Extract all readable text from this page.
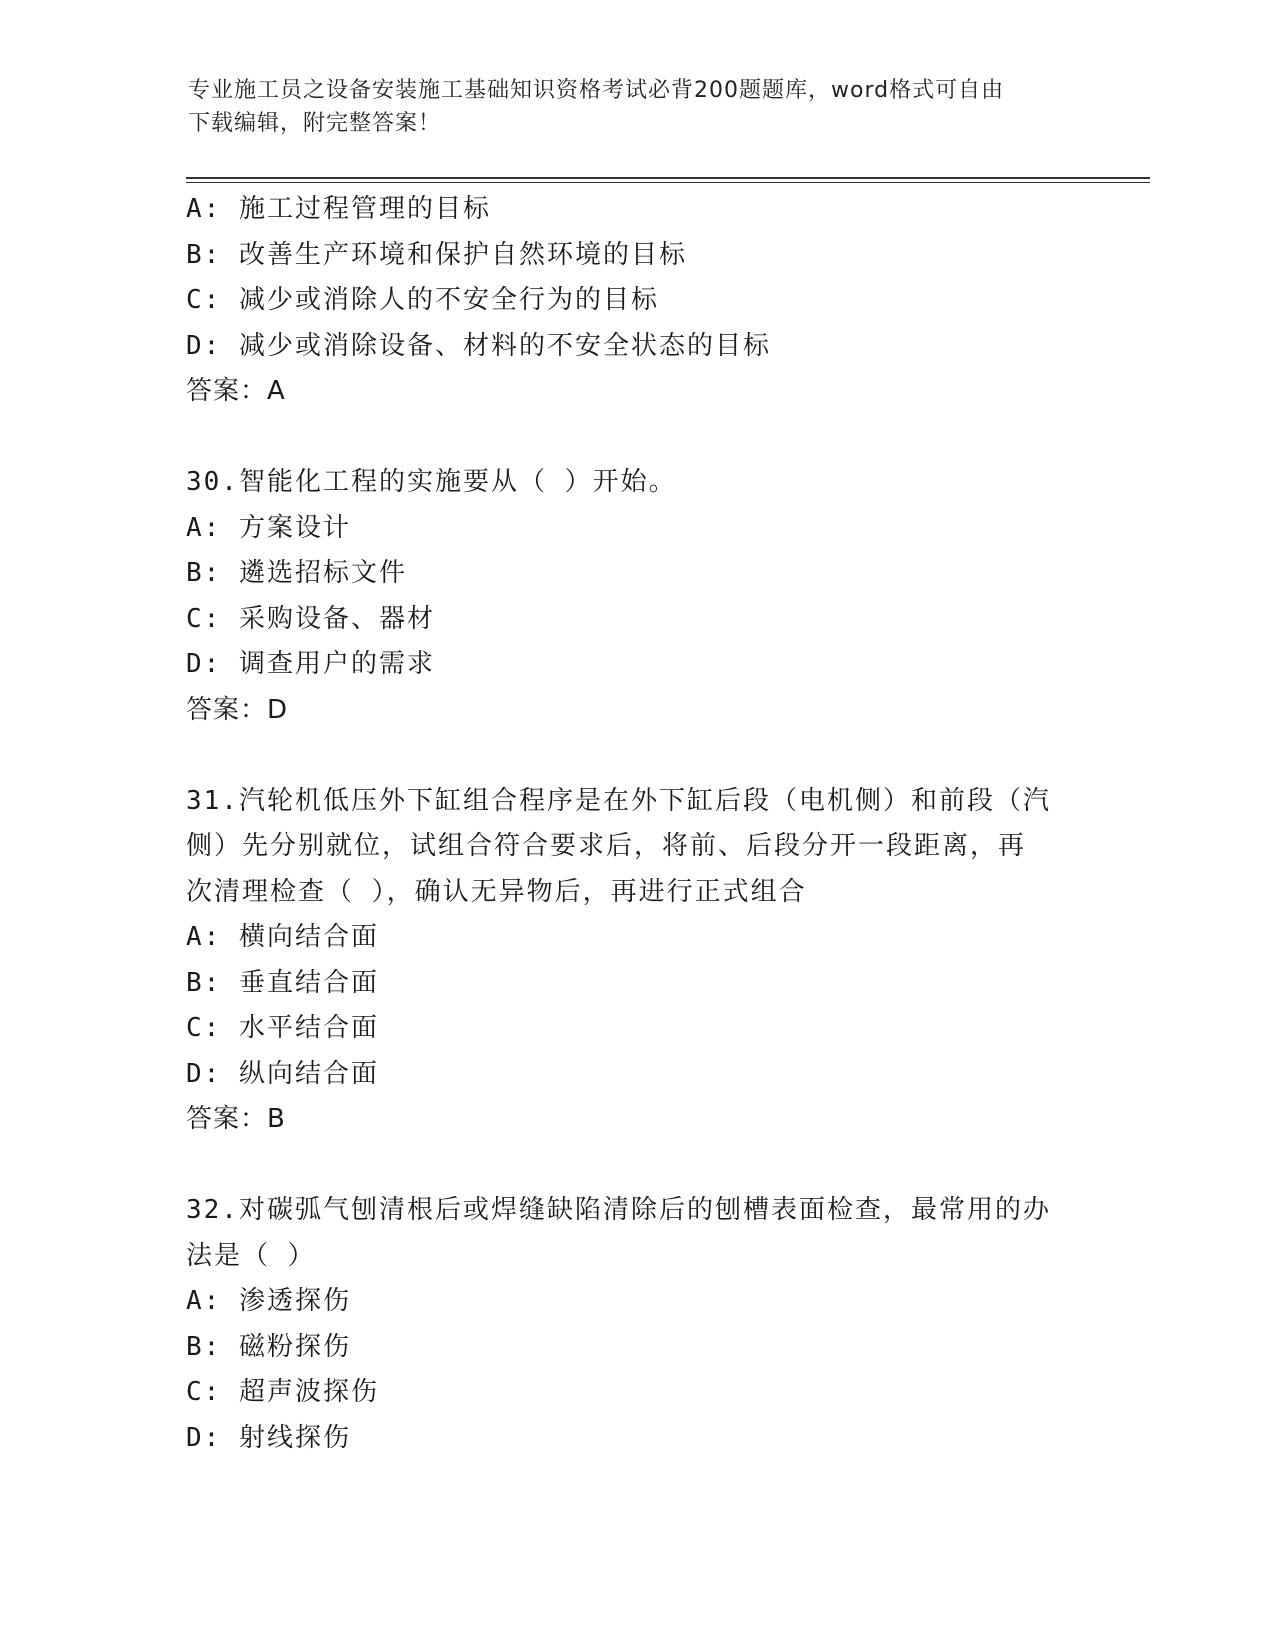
专业施工员之设备安装施工基础知识资格考试必背200题题库，word格式可自由
下载编辑，附完整答案！
A: 施工过程管理的目标
B: 改善生产环境和保护自然环境的目标
C: 减少或消除人的不安全行为的目标
D: 减少或消除设备、材料的不安全状态的目标
答案：A
30.智能化工程的实施要从（ ）开始。
A: 方案设计
B: 遴选招标文件
C: 采购设备、器材
D: 调查用户的需求
答案：D
31.汽轮机低压外下缸组合程序是在外下缸后段（电机侧）和前段（汽
侧）先分别就位，试组合符合要求后，将前、后段分开一段距离，再
次清理检查（ ），确认无异物后，再进行正式组合
A: 横向结合面
B: 垂直结合面
C: 水平结合面
D: 纵向结合面
答案：B
32.对碳弧气刨清根后或焊缝缺陷清除后的刨槽表面检查，最常用的办
法是（ ）
A: 渗透探伤
B: 磁粉探伤
C: 超声波探伤
D: 射线探伤
